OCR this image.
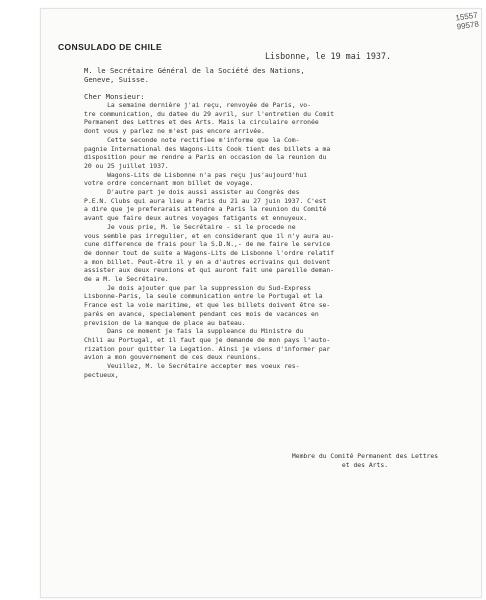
15557
99578
CONSULADO DE CHILE
Lisbonne, le 19 mai 1937.
M. le Secrétaire Général de la Société des Nations,
Geneve, Suisse.
Cher Monsieur:
La semaine dernière j'ai reçu, renvoyée de Paris, vo-
tre communication, du datee du 29 avril, sur l'entretien du Comit
Permanent des Lettres et des Arts. Mais la circulaire erronée
dont vous y parlez ne m'est pas encore arrivée.
Cette seconde note rectifiee m'informe que la Com-
pagnie International des Wagons-Lits Cook tient des billets a ma
disposition pour me rendre a Paris en occasion de la reunion du
20 ou 25 juillet 1937.
Wagons-Lits de Lisbonne n'a pas reçu jus'aujourd'hui
votre ordre concernant mon billet de voyage.
D'autre part je dois aussi assister au Congrès des
P.E.N. Clubs qui aura lieu a Paris du 21 au 27 juin 1937. C'est
a dire que je preferarais attendre a Paris la reunion du Comité
avant que faire deux autres voyages fatigants et ennuyeux.
Je vous prie, M. le Secrétaire - si le procede ne
vous semble pas irregulier, et en considerant que il n'y aura au-
cune difference de frais pour la S.D.N.,- de me faire le service
de donner tout de suite a Wagons-Lits de Lisbonne l'ordre relatif
a mon billet. Peut-être il y en a d'autres ecrivains qui doivent
assister aux deux reunions et qui auront fait une pareille deman-
de a M. le Secrétaire.
Je dois ajouter que par la suppression du Sud-Express
Lisbonne-Paris, la seule communication entre le Portugal et la
France est la voie maritime, et que les billets doivent être se-
parés en avance, specialement pendant ces mois de vacances en
prevision de la manque de place au bateau.
Dans ce moment je fais la suppleance du Ministre du
Chili au Portugal, et il faut que je demande de mon pays l'auto-
rization pour quitter la Legation. Ainsi je viens d'informer par
avion a mon gouvernement de ces deux reunions.
Veuillez, M. le Secrétaire accepter mes voeux res-
pectueux,
Membre du Comité Permanent des Lettres
et des Arts.
